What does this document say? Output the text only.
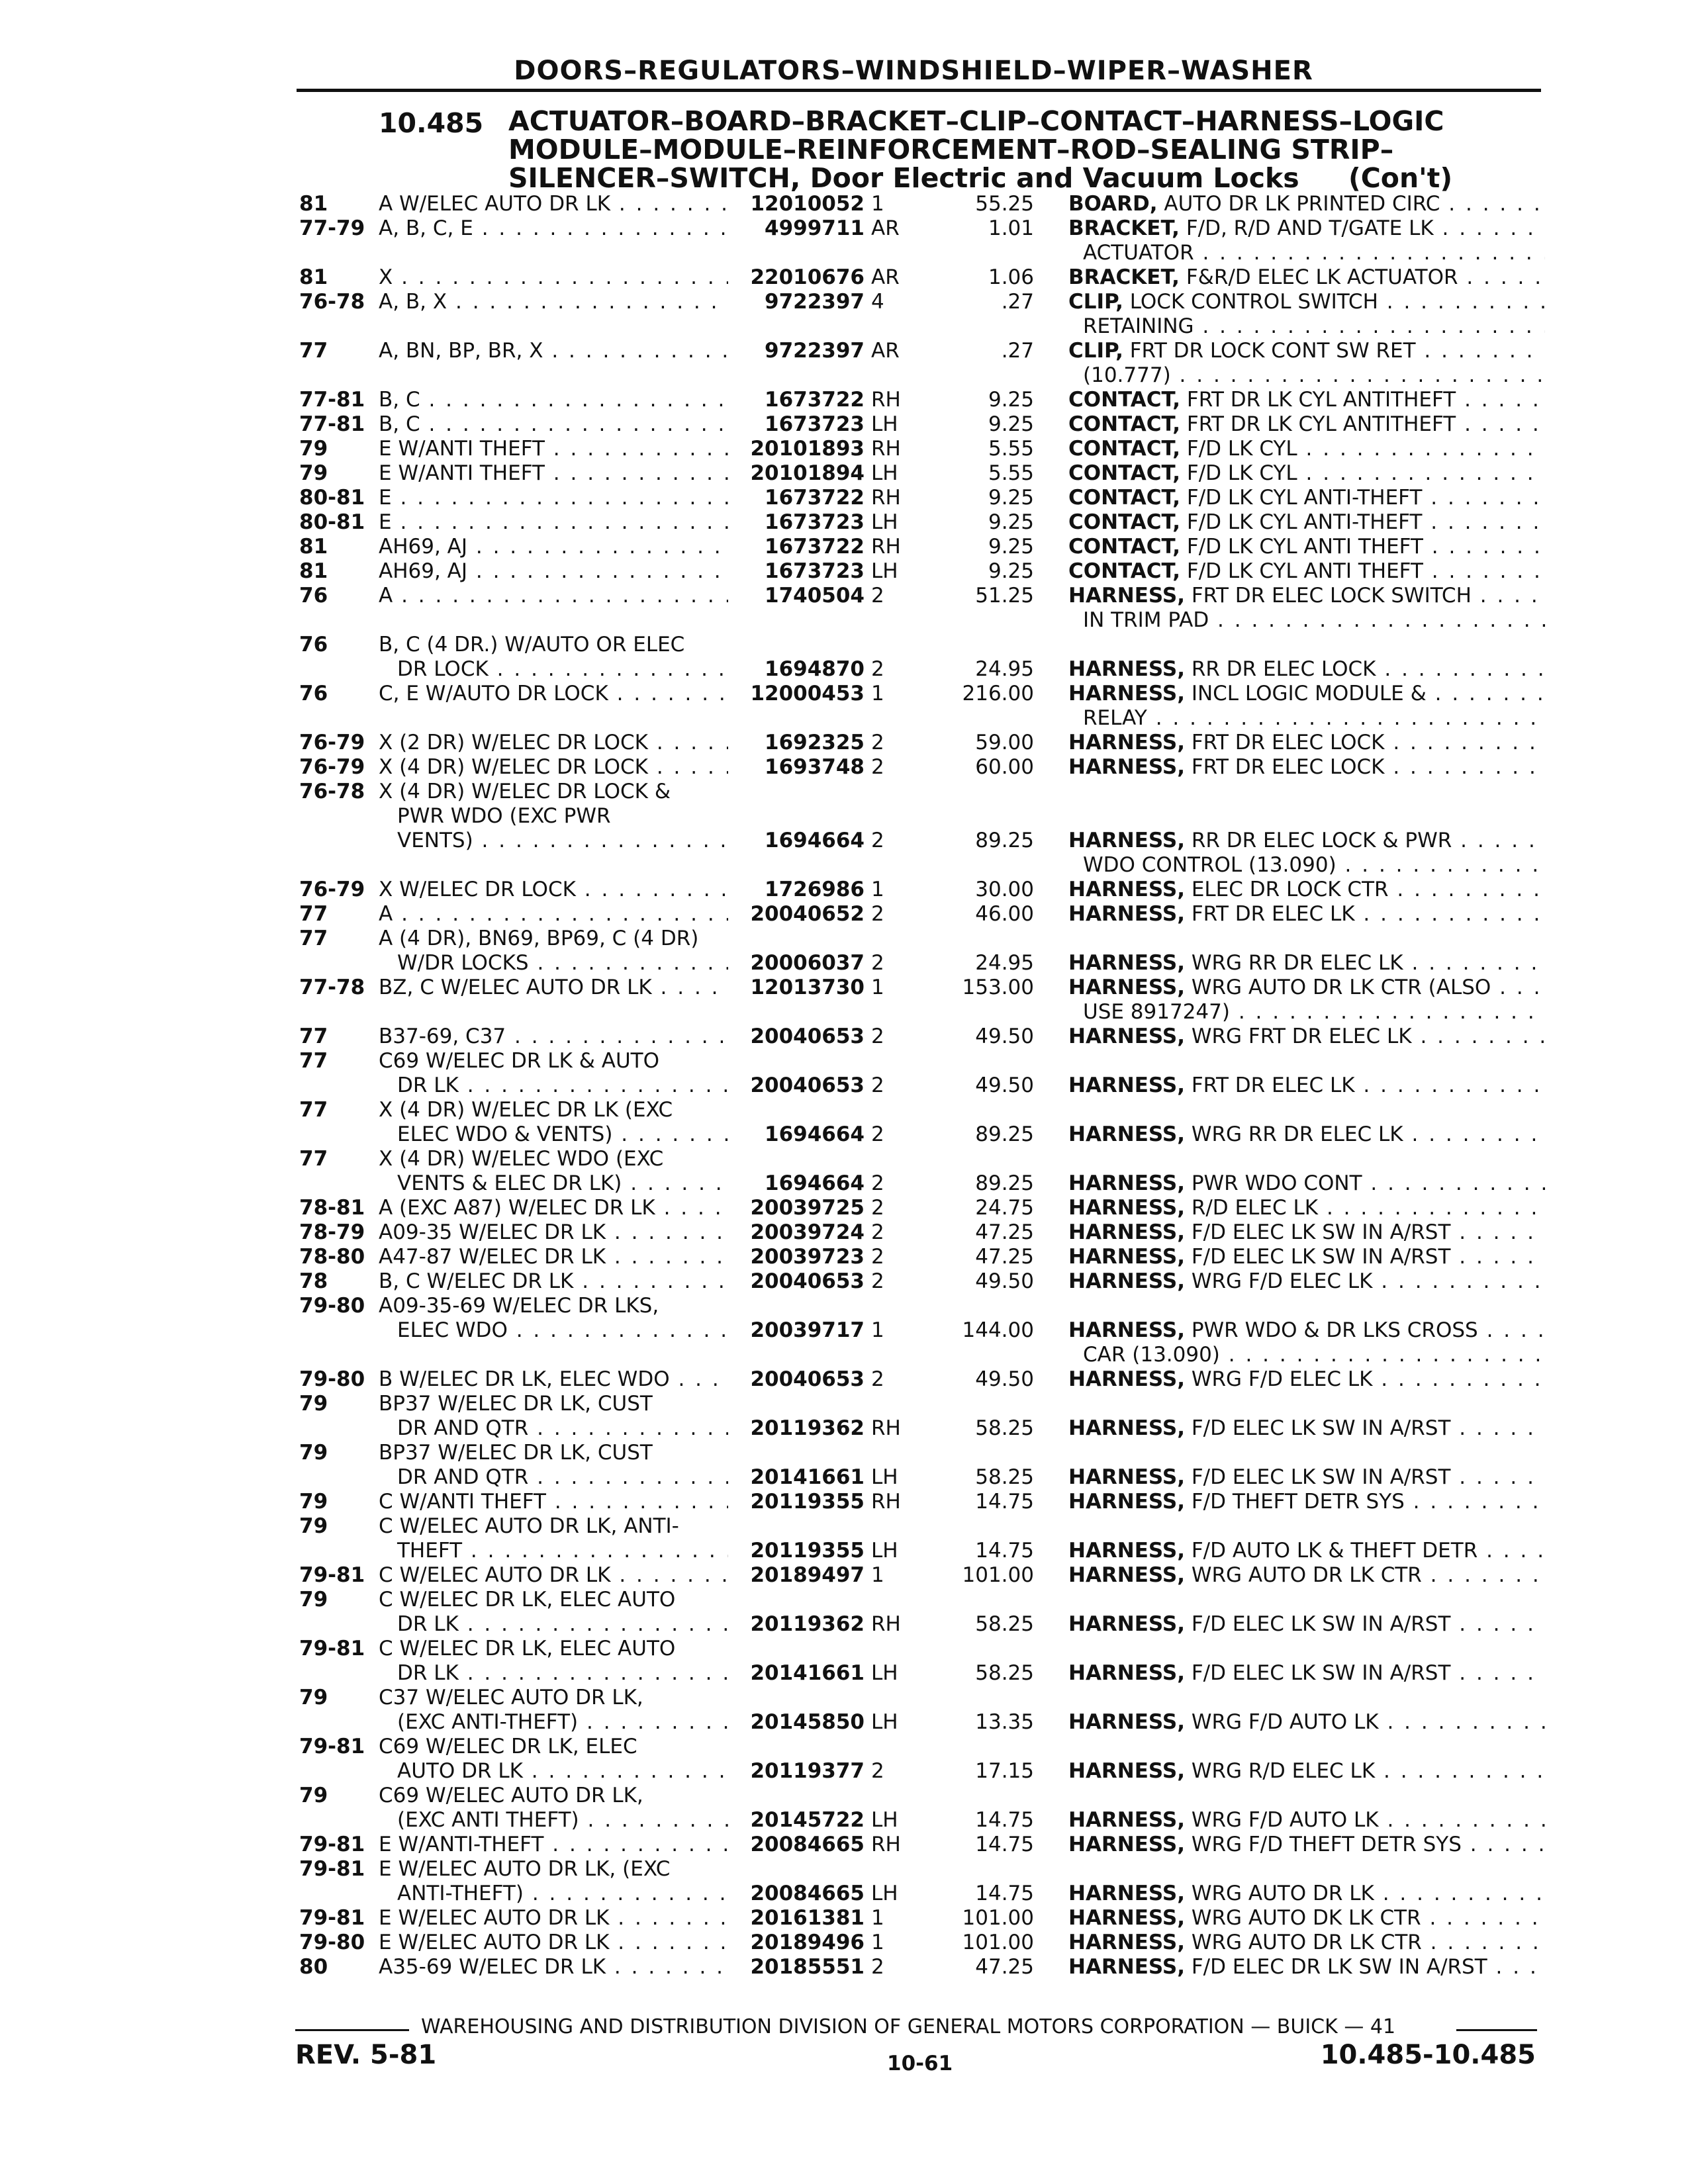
DOORS–REGULATORS–WINDSHIELD–WIPER–WASHER
10.485 ACTUATOR–BOARD–BRACKET–CLIP–CONTACT–HARNESS–LOGIC
MODULE–MODULE–REINFORCEMENT–ROD–SEALING STRIP–
SILENCER–SWITCH, Door Electric and Vacuum Locks (Con't)
81	A W/ELEC AUTO DR LK . . .	12010052 1	55.25 BOARD, AUTO DR LK PRINTED CIRC . . .
77-79 A, B, C, E . . .	4999711 AR	1.01 BRACKET, F/D, R/D AND T/GATE LK . . .
ACTUATOR . . .
81	X . . .	22010676 AR	1.06 BRACKET, F&R/D ELEC LK ACTUATOR . . .
76-78 A, B, X . . .	9722397 4	.27 CLIP, LOCK CONTROL SWITCH . . .
RETAINING . . .
77	A, BN, BP, BR, X . . .	9722397 AR	.27 CLIP, FRT DR LOCK CONT SW RET . . .
(10.777) . . .
77-81 B, C . . .	1673722 RH	9.25 CONTACT, FRT DR LK CYL ANTITHEFT . . .
77-81 B, C . . .	1673723 LH	9.25 CONTACT, FRT DR LK CYL ANTITHEFT . . .
79	E W/ANTI THEFT . . .	20101893 RH	5.55 CONTACT, F/D LK CYL . . .
79	E W/ANTI THEFT . . .	20101894 LH	5.55 CONTACT, F/D LK CYL . . .
80-81 E . . .	1673722 RH	9.25 CONTACT, F/D LK CYL ANTI-THEFT . . .
80-81 E . . .	1673723 LH	9.25 CONTACT, F/D LK CYL ANTI-THEFT . . .
81	AH69, AJ . . .	1673722 RH	9.25 CONTACT, F/D LK CYL ANTI THEFT . . .
81	AH69, AJ . . .	1673723 LH	9.25 CONTACT, F/D LK CYL ANTI THEFT . . .
76	A . . .	1740504 2	51.25 HARNESS, FRT DR ELEC LOCK SWITCH . . .
IN TRIM PAD . . .
76	B, C (4 DR.) W/AUTO OR ELEC
DR LOCK . . .	1694870 2	24.95 HARNESS, RR DR ELEC LOCK . . .
76	C, E W/AUTO DR LOCK . . .	12000453 1	216.00 HARNESS, INCL LOGIC MODULE & . . .
RELAY . . .
76-79 X (2 DR) W/ELEC DR LOCK . . .	1692325 2	59.00 HARNESS, FRT DR ELEC LOCK . . .
76-79 X (4 DR) W/ELEC DR LOCK . . .	1693748 2	60.00 HARNESS, FRT DR ELEC LOCK . . .
76-78 X (4 DR) W/ELEC DR LOCK &
PWR WDO (EXC PWR
VENTS) . . .	1694664 2	89.25 HARNESS, RR DR ELEC LOCK & PWR . . .
WDO CONTROL (13.090) . . .
76-79 X W/ELEC DR LOCK . . .	1726986 1	30.00 HARNESS, ELEC DR LOCK CTR . . .
77	A . . .	20040652 2	46.00 HARNESS, FRT DR ELEC LK . . .
77	A (4 DR), BN69, BP69, C (4 DR)
W/DR LOCKS . . .	20006037 2	24.95 HARNESS, WRG RR DR ELEC LK . . .
77-78 BZ, C W/ELEC AUTO DR LK . . .	12013730 1	153.00 HARNESS, WRG AUTO DR LK CTR (ALSO . . .
USE 8917247) . . .
77	B37-69, C37 . . .	20040653 2	49.50 HARNESS, WRG FRT DR ELEC LK . . .
77	C69 W/ELEC DR LK & AUTO
DR LK . . .	20040653 2	49.50 HARNESS, FRT DR ELEC LK . . .
77	X (4 DR) W/ELEC DR LK (EXC
ELEC WDO & VENTS) . . .	1694664 2	89.25 HARNESS, WRG RR DR ELEC LK . . .
77	X (4 DR) W/ELEC WDO (EXC
VENTS & ELEC DR LK) . . .	1694664 2	89.25 HARNESS, PWR WDO CONT . . .
78-81 A (EXC A87) W/ELEC DR LK . . .	20039725 2	24.75 HARNESS, R/D ELEC LK . . .
78-79 A09-35 W/ELEC DR LK . . .	20039724 2	47.25 HARNESS, F/D ELEC LK SW IN A/RST . . .
78-80 A47-87 W/ELEC DR LK . . .	20039723 2	47.25 HARNESS, F/D ELEC LK SW IN A/RST . . .
78	B, C W/ELEC DR LK . . .	20040653 2	49.50 HARNESS, WRG F/D ELEC LK . . .
79-80 A09-35-69 W/ELEC DR LKS,
ELEC WDO . . .	20039717 1	144.00 HARNESS, PWR WDO & DR LKS CROSS . . .
CAR (13.090) . . .
79-80 B W/ELEC DR LK, ELEC WDO . . .	20040653 2	49.50 HARNESS, WRG F/D ELEC LK . . .
79	BP37 W/ELEC DR LK, CUST
DR AND QTR . . .	20119362 RH	58.25 HARNESS, F/D ELEC LK SW IN A/RST . . .
79	BP37 W/ELEC DR LK, CUST
DR AND QTR . . .	20141661 LH	58.25 HARNESS, F/D ELEC LK SW IN A/RST . . .
79	C W/ANTI THEFT . . .	20119355 RH	14.75 HARNESS, F/D THEFT DETR SYS . . .
79	C W/ELEC AUTO DR LK, ANTI-
THEFT . . .	20119355 LH	14.75 HARNESS, F/D AUTO LK & THEFT DETR . . .
79-81 C W/ELEC AUTO DR LK . . .	20189497 1	101.00 HARNESS, WRG AUTO DR LK CTR . . .
79	C W/ELEC DR LK, ELEC AUTO
DR LK . . .	20119362 RH	58.25 HARNESS, F/D ELEC LK SW IN A/RST . . .
79-81 C W/ELEC DR LK, ELEC AUTO
DR LK . . .	20141661 LH	58.25 HARNESS, F/D ELEC LK SW IN A/RST . . .
79	C37 W/ELEC AUTO DR LK,
(EXC ANTI-THEFT) . . .	20145850 LH	13.35 HARNESS, WRG F/D AUTO LK . . .
79-81 C69 W/ELEC DR LK, ELEC
AUTO DR LK . . .	20119377 2	17.15 HARNESS, WRG R/D ELEC LK . . .
79	C69 W/ELEC AUTO DR LK,
(EXC ANTI THEFT) . . .	20145722 LH	14.75 HARNESS, WRG F/D AUTO LK . . .
79-81 E W/ANTI-THEFT . . .	20084665 RH	14.75 HARNESS, WRG F/D THEFT DETR SYS . . .
79-81 E W/ELEC AUTO DR LK, (EXC
ANTI-THEFT) . . .	20084665 LH	14.75 HARNESS, WRG AUTO DR LK . . .
79-81 E W/ELEC AUTO DR LK . . .	20161381 1	101.00 HARNESS, WRG AUTO DK LK CTR . . .
79-80 E W/ELEC AUTO DR LK . . .	20189496 1	101.00 HARNESS, WRG AUTO DR LK CTR . . .
80	A35-69 W/ELEC DR LK . . .	20185551 2	47.25 HARNESS, F/D ELEC DR LK SW IN A/RST . . .
WAREHOUSING AND DISTRIBUTION DIVISION OF GENERAL MOTORS CORPORATION — BUICK — 41
REV. 5-81	10-61	10.485-10.485
